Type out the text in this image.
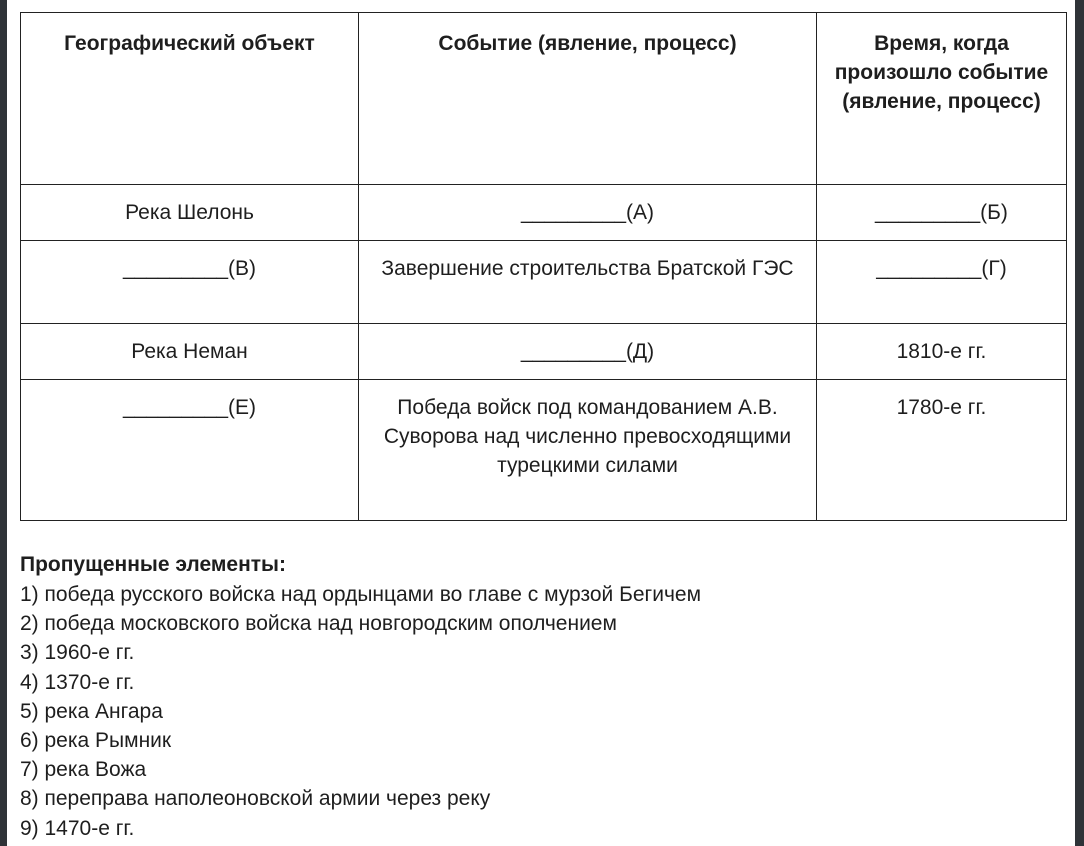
Географический объект	Событие (явление, процесс)	Время, когда произошло событие (явление, процесс)
Река Шелонь	_________(А)	_________(Б)
_________(В)	Завершение строительства Братской ГЭС	_________(Г)
Река Неман	_________(Д)	1810-е гг.
_________(Е)	Победа войск под командованием А.В. Суворова над численно превосходящими турецкими силами	1780-е гг.
Пропущенные элементы:
1) победа русского войска над ордынцами во главе с мурзой Бегичем
2) победа московского войска над новгородским ополчением
3) 1960-е гг.
4) 1370-е гг.
5) река Ангара
6) река Рымник
7) река Вожа
8) переправа наполеоновской армии через реку
9) 1470-е гг.
